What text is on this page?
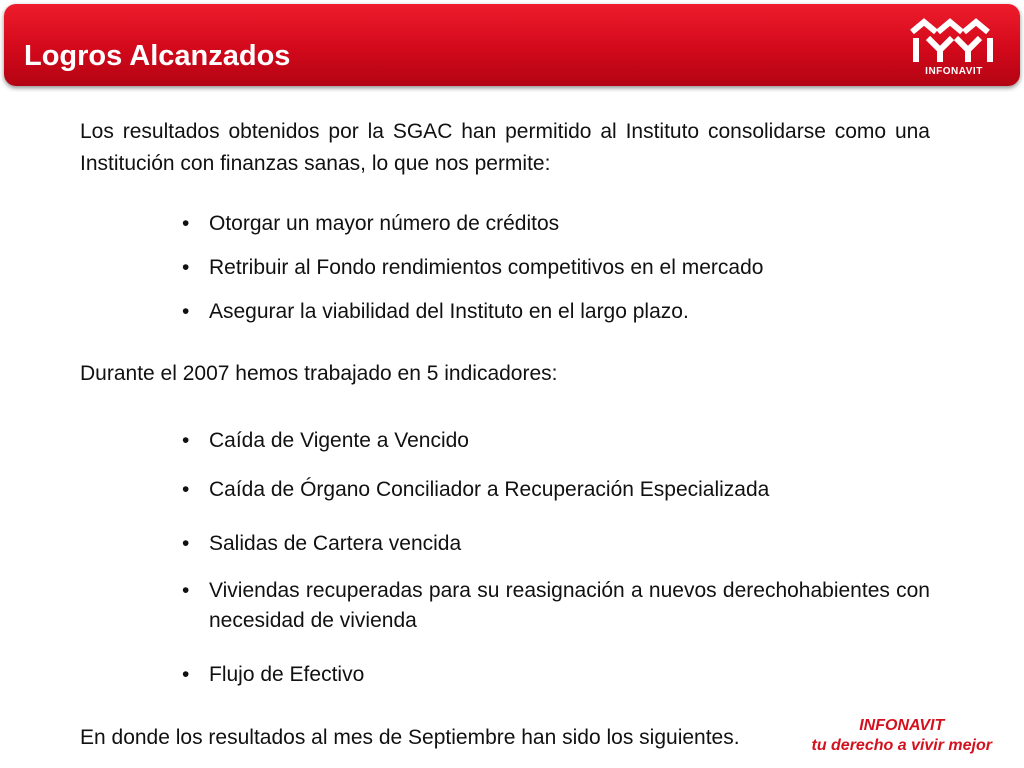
Logros Alcanzados	INFONAVIT

Los resultados obtenidos por la SGAC han permitido al Instituto consolidarse como una Institución con finanzas sanas, lo que nos permite:

• Otorgar un mayor número de créditos
• Retribuir al Fondo rendimientos competitivos en el mercado
• Asegurar la viabilidad del Instituto en el largo plazo.

Durante el 2007 hemos trabajado en 5 indicadores:

• Caída de Vigente a Vencido
• Caída de Órgano Conciliador a Recuperación Especializada
• Salidas de Cartera vencida
• Viviendas recuperadas para su reasignación a nuevos derechohabientes con necesidad de vivienda
• Flujo de Efectivo

En donde los resultados al mes de Septiembre han sido los siguientes.

INFONAVIT
tu derecho a vivir mejor
